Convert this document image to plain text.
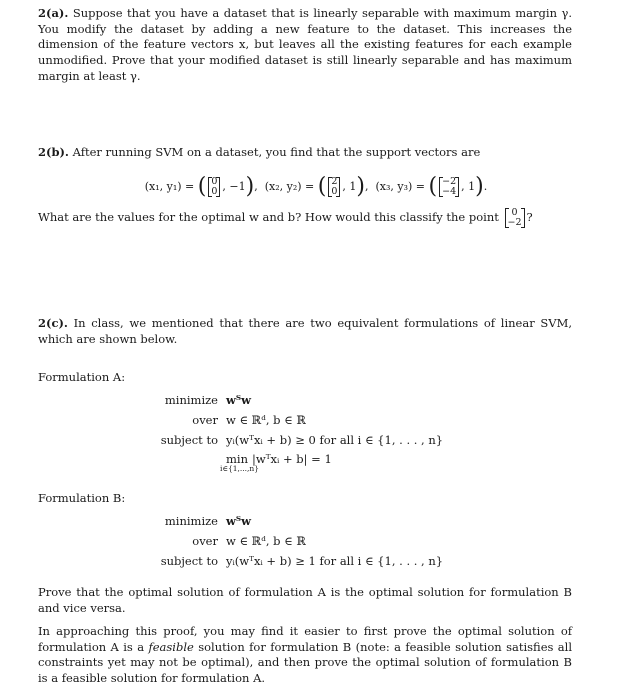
2(a). Suppose that you have a dataset that is linearly separable with maximum margin γ. You modify the dataset by adding a new feature to the dataset. This increases the dimension of the feature vectors x, but leaves all the existing features for each example unmodified. Prove that your modified dataset is still linearly separable and has maximum margin at least γ.
2(b). After running SVM on a dataset, you find that the support vectors are
(x₁, y₁) = ( 0
0 , −1),  (x₂, y₂) = ( 2
0 , 1),  (x₃, y₃) = ( −2
−4 , 1).
What are the values for the optimal w and b? How would this classify the point	0
−2 ?
2(c). In class, we mentioned that there are two equivalent formulations of linear SVM, which are shown below.
Formulation A:
minimize wᵀw
over w ∈ ℝᵈ, b ∈ ℝ
subject to yᵢ(wᵀxᵢ + b) ≥ 0 for all i ∈ {1, . . . , n}
min
i∈{1,...,n}
|wᵀxᵢ + b| = 1
Formulation B:
minimize wᵀw
over w ∈ ℝᵈ, b ∈ ℝ
subject to yᵢ(wᵀxᵢ + b) ≥ 1 for all i ∈ {1, . . . , n}
Prove that the optimal solution of formulation A is the optimal solution for formulation B and vice versa.
In approaching this proof, you may find it easier to first prove the optimal solution of formulation A is a feasible solution for formulation B (note: a feasible solution satisfies all constraints yet may not be optimal), and then prove the optimal solution of formulation B is a feasible solution for formulation A.
